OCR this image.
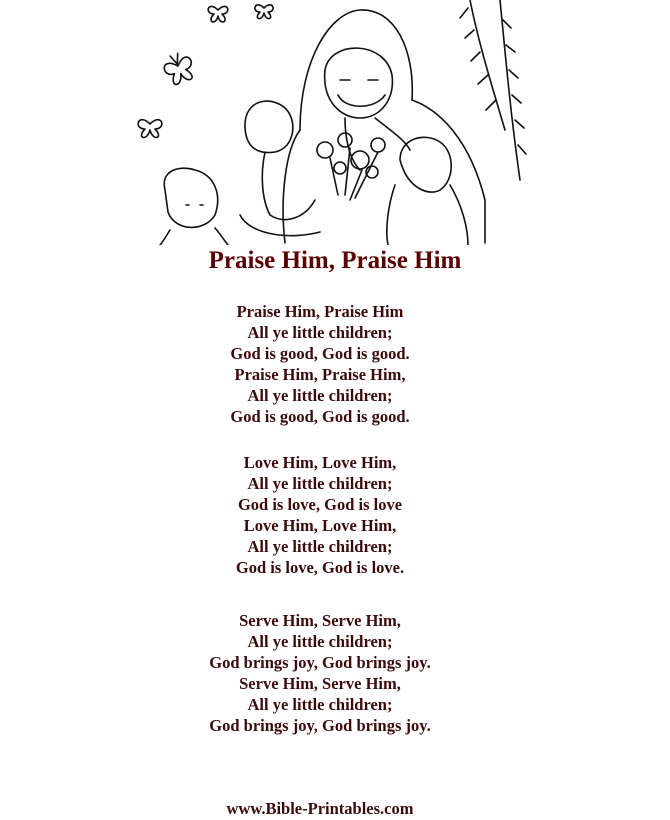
Praise Him, Praise Him
Praise Him, Praise Him
All ye little children;
God is good, God is good.
Praise Him, Praise Him,
All ye little children;
God is good, God is good.
Love Him, Love Him,
All ye little children;
God is love, God is love
Love Him, Love Him,
All ye little children;
God is love, God is love.
Serve Him, Serve Him,
All ye little children;
God brings joy, God brings joy.
Serve Him, Serve Him,
All ye little children;
God brings joy, God brings joy.
www.Bible-Printables.com
